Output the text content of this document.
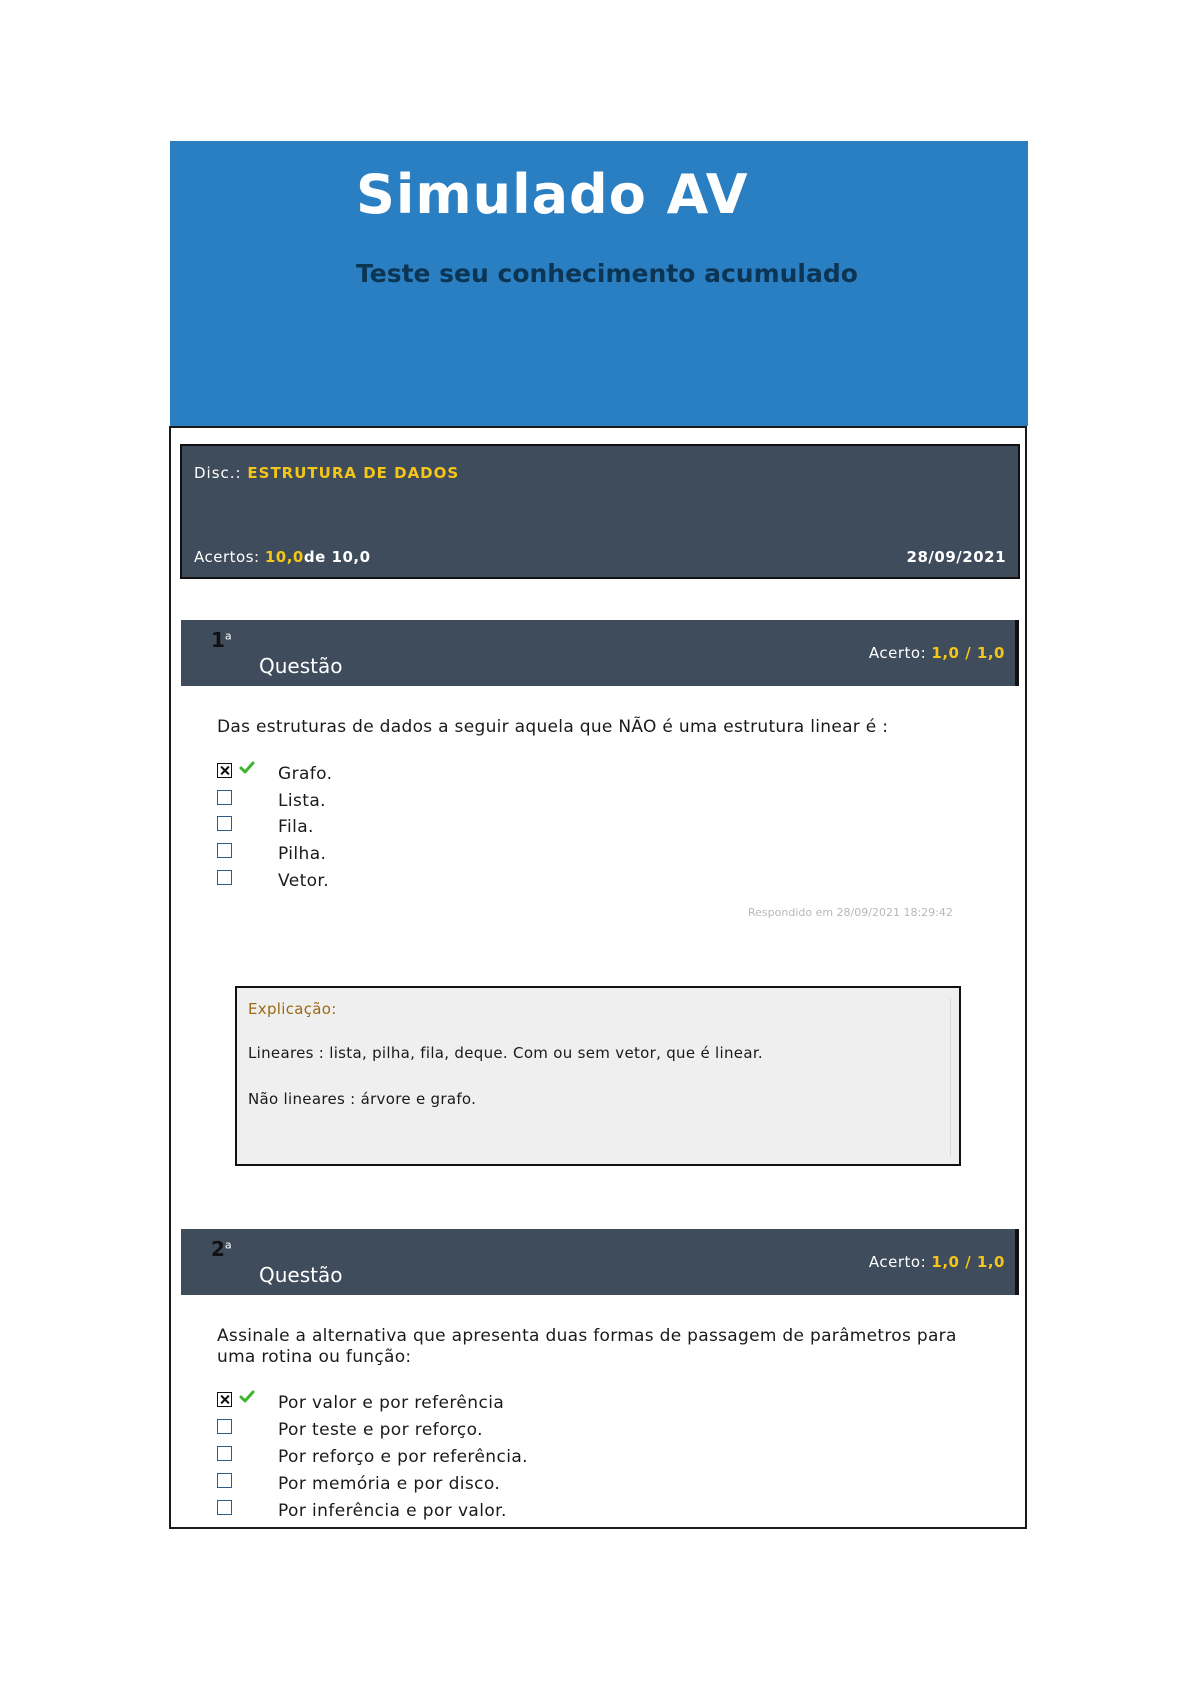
Simulado AV
Teste seu conhecimento acumulado
Disc.: ESTRUTURA DE DADOS
Acertos: 10,0de 10,0	28/09/2021
1$^a$
Questão
Acerto: 1,0 / 1,0
Das estruturas de dados a seguir aquela que NÃO é uma estrutura linear é :
Grafo.
Lista.
Fila.
Pilha.
Vetor.
Respondido em 28/09/2021 18:29:42
Explicação:
Lineares : lista, pilha, fila, deque. Com ou sem vetor, que é linear.
Não lineares : árvore e grafo.
2$^a$
Questão
Acerto: 1,0 / 1,0
Assinale a alternativa que apresenta duas formas de passagem de parâmetros para uma rotina ou função:
Por valor e por referência
Por teste e por reforço.
Por reforço e por referência.
Por memória e por disco.
Por inferência e por valor.
